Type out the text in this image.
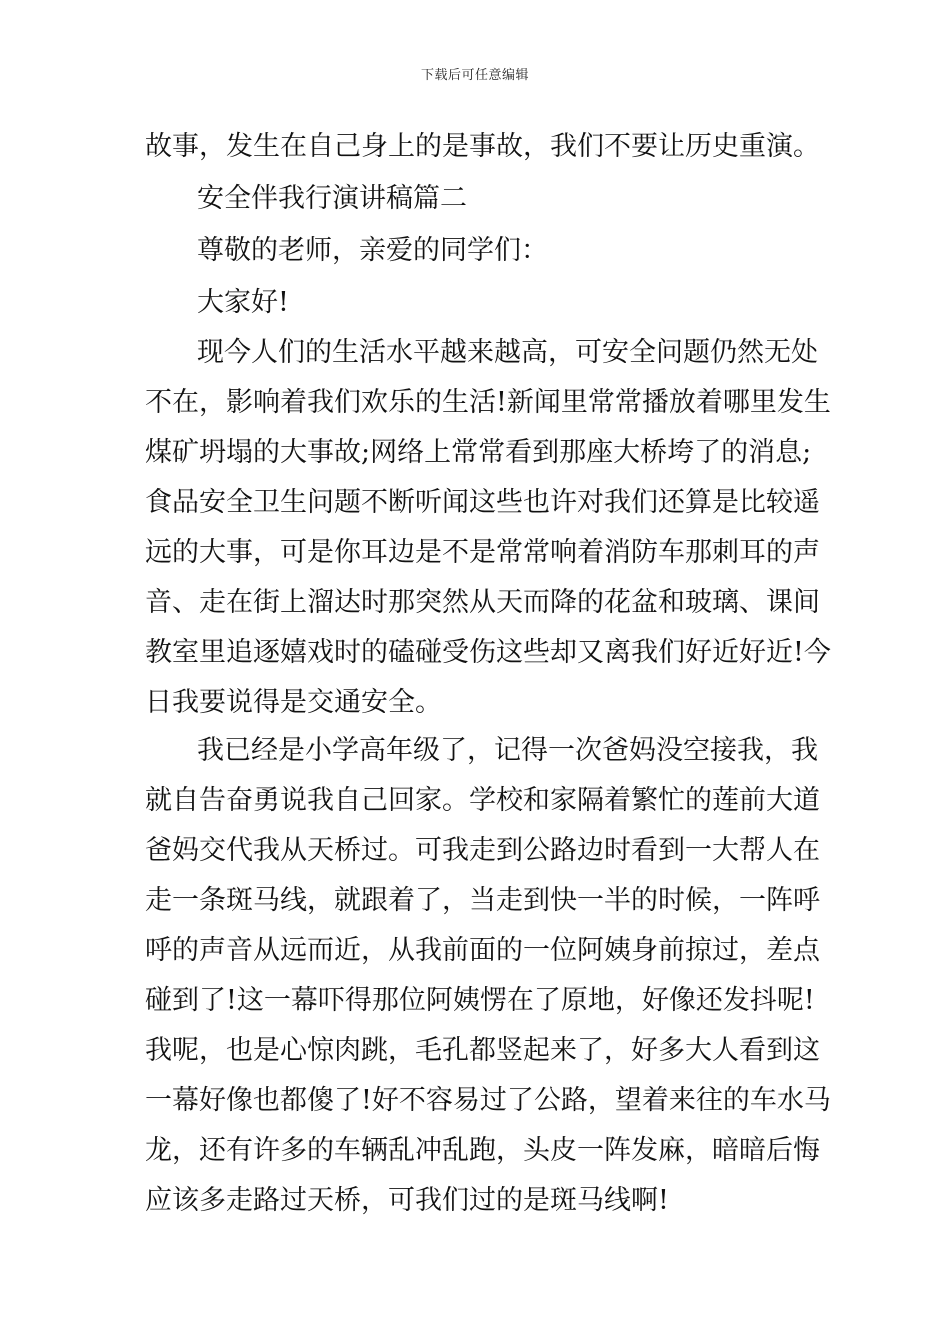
下载后可任意编辑
故事，发生在自己身上的是事故，我们不要让历史重演。
安全伴我行演讲稿篇二
尊敬的老师，亲爱的同学们：
大家好!
现今人们的生活水平越来越高，可安全问题仍然无处
不在，影响着我们欢乐的生活!新闻里常常播放着哪里发生
煤矿坍塌的大事故;网络上常常看到那座大桥垮了的消息;
食品安全卫生问题不断听闻这些也许对我们还算是比较遥
远的大事，可是你耳边是不是常常响着消防车那刺耳的声
音、走在街上溜达时那突然从天而降的花盆和玻璃、课间
教室里追逐嬉戏时的磕碰受伤这些却又离我们好近好近!今
日我要说得是交通安全。
我已经是小学高年级了，记得一次爸妈没空接我，我
就自告奋勇说我自己回家。学校和家隔着繁忙的莲前大道
爸妈交代我从天桥过。可我走到公路边时看到一大帮人在
走一条斑马线，就跟着了，当走到快一半的时候，一阵呼
呼的声音从远而近，从我前面的一位阿姨身前掠过，差点
碰到了!这一幕吓得那位阿姨愣在了原地，好像还发抖呢!
我呢，也是心惊肉跳，毛孔都竖起来了，好多大人看到这
一幕好像也都傻了!好不容易过了公路，望着来往的车水马
龙，还有许多的车辆乱冲乱跑，头皮一阵发麻，暗暗后悔
应该多走路过天桥，可我们过的是斑马线啊!
